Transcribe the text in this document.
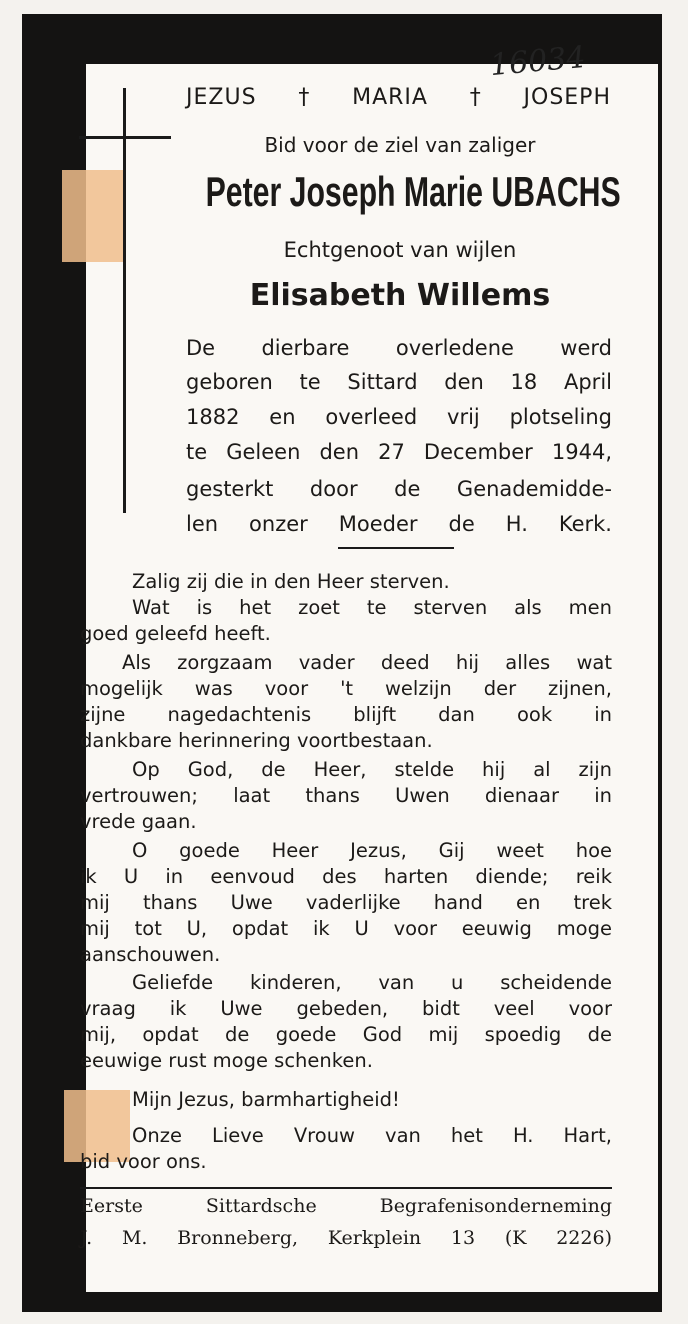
16034
JEZUS † MARIA † JOSEPH
Bid voor de ziel van zaliger
Peter Joseph Marie UBACHS
Echtgenoot van wijlen
Elisabeth Willems
De dierbare overledene werd
geboren te Sittard den 18 April
1882 en overleed vrij plotseling
te Geleen den 27 December 1944,
gesterkt door de Genademidde-
len onzer Moeder de H. Kerk.
Zalig zij die in den Heer sterven.
Wat is het zoet te sterven als men
goed geleefd heeft.
Als zorgzaam vader deed hij alles wat
mogelijk was voor 't welzijn der zijnen,
zijne nagedachtenis blijft dan ook in
dankbare herinnering voortbestaan.
Op God, de Heer, stelde hij al zijn
vertrouwen; laat thans Uwen dienaar in
vrede gaan.
O goede Heer Jezus, Gij weet hoe
ik U in eenvoud des harten diende; reik
mij thans Uwe vaderlijke hand en trek
mij tot U, opdat ik U voor eeuwig moge
aanschouwen.
Geliefde kinderen, van u scheidende
vraag ik Uwe gebeden, bidt veel voor
mij, opdat de goede God mij spoedig de
eeuwige rust moge schenken.
Mijn Jezus, barmhartigheid!
Onze Lieve Vrouw van het H. Hart,
bid voor ons.
Eerste Sittardsche Begrafenisonderneming
J. M. Bronneberg, Kerkplein 13 (K 2226)
